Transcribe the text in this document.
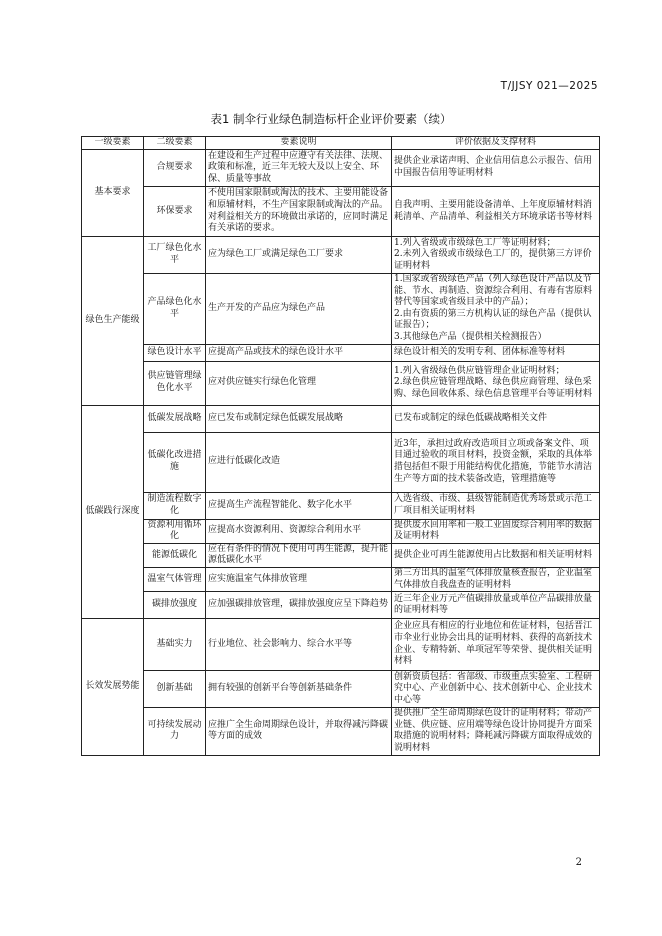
T/JJSY 021—2025
表1 制伞行业绿色制造标杆企业评价要素（续）
一级要素	二级要素	要素说明	评价依据及支撑材料
基本要求	合规要求	在建设和生产过程中应遵守有关法律、法规、政策和标准，近三年无较大及以上安全、环保、质量等事故	提供企业承诺声明、企业信用信息公示报告、信用中国报告信用等证明材料
	环保要求	不使用国家限制或淘汰的技术、主要用能设备和原辅材料，不生产国家限制或淘汰的产品。对利益相关方的环境做出承诺的，应同时满足有关承诺的要求。	自我声明、主要用能设备清单、上年度原辅材料消耗清单、产品清单、利益相关方环境承诺书等材料
绿色生产能级	工厂绿色化水平	应为绿色工厂或满足绿色工厂要求	1.列入省级或市级绿色工厂等证明材料；
2.未列入省级或市级绿色工厂的，提供第三方评价证明材料
	产品绿色化水平	生产开发的产品应为绿色产品	1.国家或省级绿色产品（列入绿色设计产品以及节能、节水、再制造、资源综合利用、有毒有害原料替代等国家或省级目录中的产品）；
2.由有资质的第三方机构认证的绿色产品（提供认证报告）；
3.其他绿色产品（提供相关检测报告）
	绿色设计水平	应提高产品或技术的绿色设计水平	绿色设计相关的发明专利、团体标准等材料
	供应链管理绿色化水平	应对供应链实行绿色化管理	1.列入省级绿色供应链管理企业证明材料；
2.绿色供应链管理战略、绿色供应商管理、绿色采购、绿色回收体系、绿色信息管理平台等证明材料
低碳践行深度	低碳发展战略	应已发布或制定绿色低碳发展战略	已发布或制定的绿色低碳战略相关文件
	低碳化改进措施	应进行低碳化改造	近3年，承担过政府改造项目立项或备案文件、项目通过验收的项目材料，投资金额，采取的具体举措包括但不限于用能结构优化措施，节能节水清洁生产等方面的技术装备改造，管理措施等
	制造流程数字化	应提高生产流程智能化、数字化水平	入选省级、市级、县级智能制造优秀场景或示范工厂项目相关证明材料
	资源利用循环化	应提高水资源利用、资源综合利用水平	提供废水回用率和一般工业固废综合利用率的数据及证明材料
	能源低碳化	应在有条件的情况下使用可再生能源，提升能源低碳化水平	提供企业可再生能源使用占比数据和相关证明材料
	温室气体管理	应实施温室气体排放管理	第三方出具的温室气体排放量核查报告，企业温室气体排放自我盘查的证明材料
	碳排放强度	应加强碳排放管理，碳排放强度应呈下降趋势	近三年企业万元产值碳排放量或单位产品碳排放量的证明材料等
长效发展势能	基础实力	行业地位、社会影响力、综合水平等	企业应具有相应的行业地位和佐证材料，包括晋江市伞业行业协会出具的证明材料、获得的高新技术企业、专精特新、单项冠军等荣誉、提供相关证明材料
	创新基础	拥有较强的创新平台等创新基础条件	创新资质包括：省部级、市级重点实验室、工程研究中心、产业创新中心、技术创新中心、企业技术中心等
	可持续发展动力	应推广全生命周期绿色设计，并取得减污降碳等方面的成效	提供推广全生命周期绿色设计的证明材料；带动产业链、供应链、应用端等绿色设计协同提升方面采取措施的说明材料；降耗减污降碳方面取得成效的说明材料
2
